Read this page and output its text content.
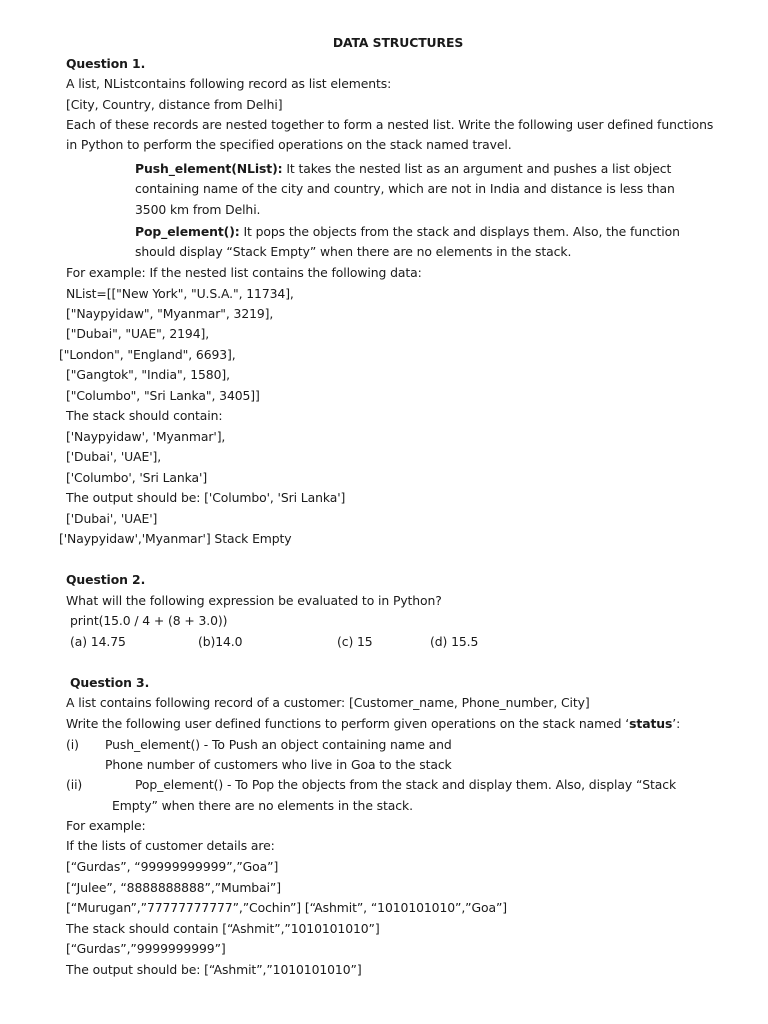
DATA STRUCTURES
Question 1.
A list, NListcontains following record as list elements:
[City, Country, distance from Delhi]
Each of these records are nested together to form a nested list. Write the following user defined functions
in Python to perform the specified operations on the stack named travel.
Push_element(NList): It takes the nested list as an argument and pushes a list object
containing name of the city and country, which are not in India and distance is less than
3500 km from Delhi.
Pop_element(): It pops the objects from the stack and displays them. Also, the function
should display “Stack Empty” when there are no elements in the stack.
For example: If the nested list contains the following data:
NList=[["New York", "U.S.A.", 11734],
["Naypyidaw", "Myanmar", 3219],
["Dubai", "UAE", 2194],
["London", "England", 6693],
["Gangtok", "India", 1580],
["Columbo", "Sri Lanka", 3405]]
The stack should contain:
['Naypyidaw', 'Myanmar'],
['Dubai', 'UAE'],
['Columbo', 'Sri Lanka']
The output should be: ['Columbo', 'Sri Lanka']
['Dubai', 'UAE']
['Naypyidaw','Myanmar'] Stack Empty
Question 2.
What will the following expression be evaluated to in Python?
print(15.0 / 4 + (8 + 3.0))
(a) 14.75	(b)14.0	(c) 15	(d) 15.5
Question 3.
A list contains following record of a customer: [Customer_name, Phone_number, City]
Write the following user defined functions to perform given operations on the stack named ‘status’:
(i) Push_element() - To Push an object containing name and
Phone number of customers who live in Goa to the stack
(ii)	Pop_element() - To Pop the objects from the stack and display them. Also, display “Stack
Empty” when there are no elements in the stack.
For example:
If the lists of customer details are:
[“Gurdas”, “99999999999”,”Goa”]
[“Julee”, “8888888888”,”Mumbai”]
[“Murugan”,”77777777777”,”Cochin”] [“Ashmit”, “1010101010”,”Goa”]
The stack should contain [“Ashmit”,”1010101010”]
[“Gurdas”,”9999999999”]
The output should be: [“Ashmit”,”1010101010”]
